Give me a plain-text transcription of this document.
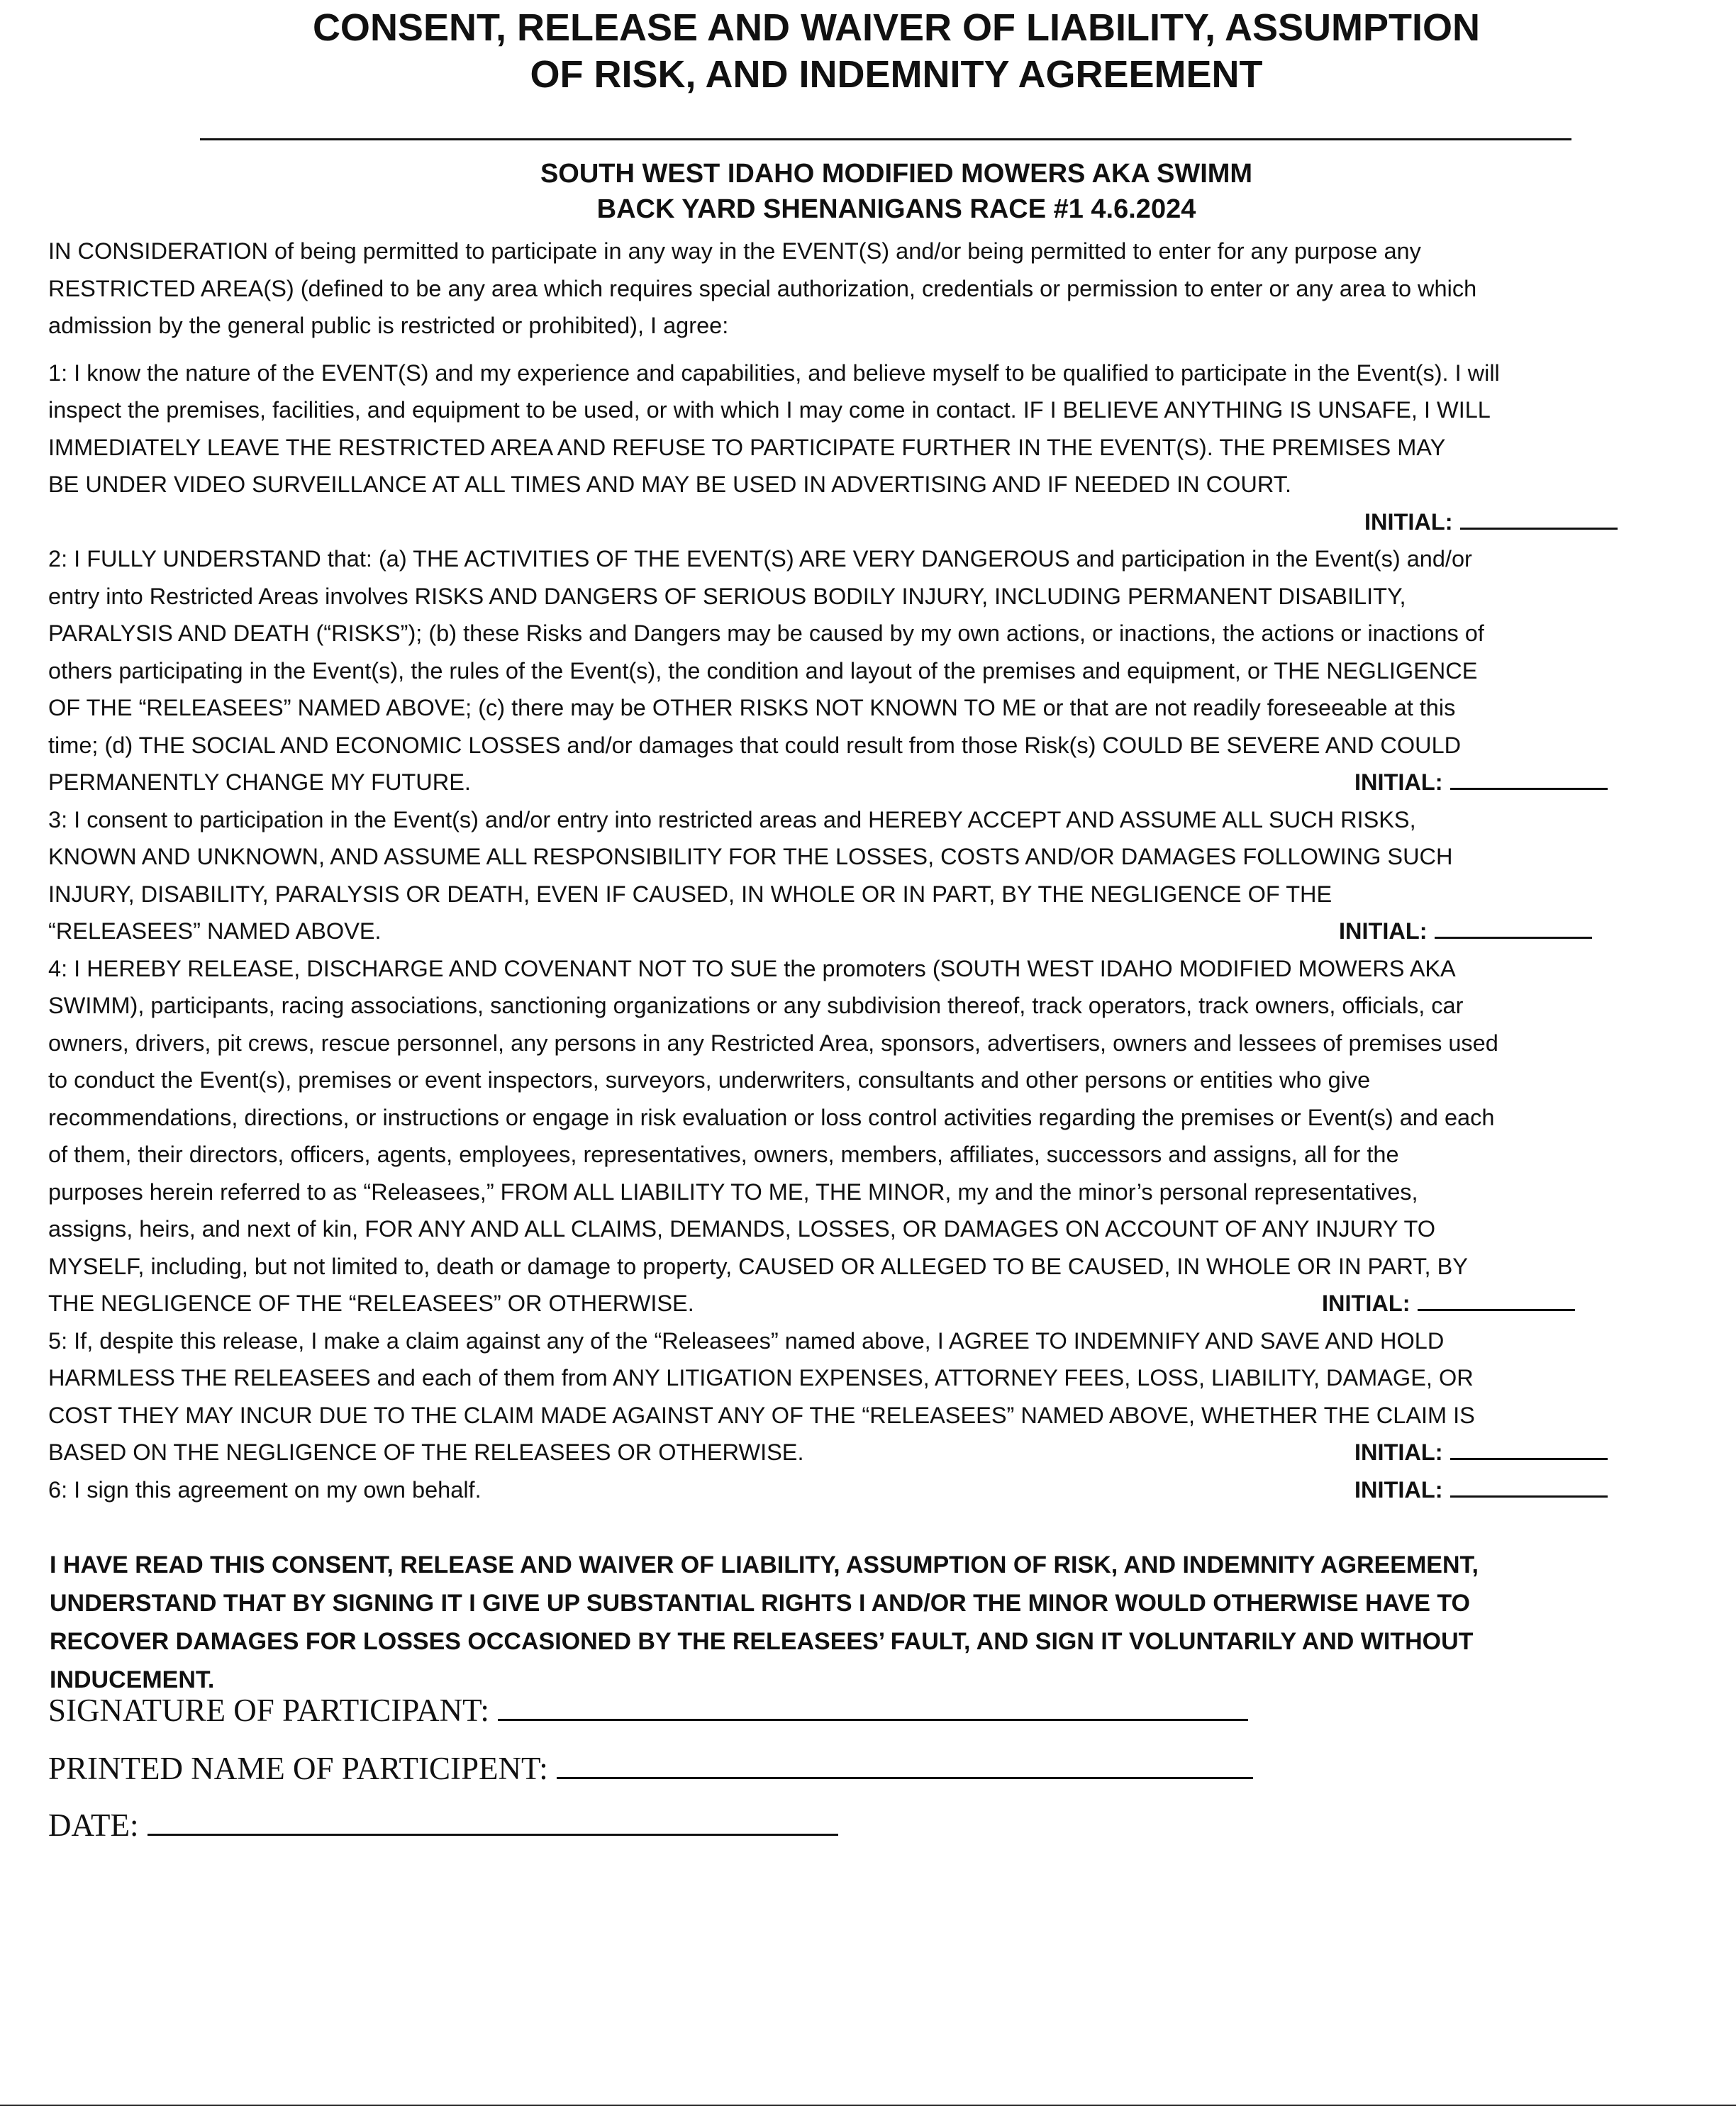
CONSENT, RELEASE AND WAIVER OF LIABILITY, ASSUMPTION
OF RISK, AND INDEMNITY AGREEMENT
SOUTH WEST IDAHO MODIFIED MOWERS AKA SWIMM
BACK YARD SHENANIGANS RACE #1 4.6.2024
IN CONSIDERATION of being permitted to participate in any way in the EVENT(S) and/or being permitted to enter for any purpose any
RESTRICTED AREA(S) (defined to be any area which requires special authorization, credentials or permission to enter or any area to which
admission by the general public is restricted or prohibited), I agree:
1: I know the nature of the EVENT(S) and my experience and capabilities, and believe myself to be qualified to participate in the Event(s). I will
inspect the premises, facilities, and equipment to be used, or with which I may come in contact. IF I BELIEVE ANYTHING IS UNSAFE, I WILL
IMMEDIATELY LEAVE THE RESTRICTED AREA AND REFUSE TO PARTICIPATE FURTHER IN THE EVENT(S). THE PREMISES MAY
BE UNDER VIDEO SURVEILLANCE AT ALL TIMES AND MAY BE USED IN ADVERTISING AND IF NEEDED IN COURT.
INITIAL:
2: I FULLY UNDERSTAND that: (a) THE ACTIVITIES OF THE EVENT(S) ARE VERY DANGEROUS and participation in the Event(s) and/or
entry into Restricted Areas involves RISKS AND DANGERS OF SERIOUS BODILY INJURY, INCLUDING PERMANENT DISABILITY,
PARALYSIS AND DEATH (“RISKS”); (b) these Risks and Dangers may be caused by my own actions, or inactions, the actions or inactions of
others participating in the Event(s), the rules of the Event(s), the condition and layout of the premises and equipment, or THE NEGLIGENCE
OF THE “RELEASEES” NAMED ABOVE; (c) there may be OTHER RISKS NOT KNOWN TO ME or that are not readily foreseeable at this
time; (d) THE SOCIAL AND ECONOMIC LOSSES and/or damages that could result from those Risk(s) COULD BE SEVERE AND COULD
PERMANENTLY CHANGE MY FUTURE.	INITIAL:
3: I consent to participation in the Event(s) and/or entry into restricted areas and HEREBY ACCEPT AND ASSUME ALL SUCH RISKS,
KNOWN AND UNKNOWN, AND ASSUME ALL RESPONSIBILITY FOR THE LOSSES, COSTS AND/OR DAMAGES FOLLOWING SUCH
INJURY, DISABILITY, PARALYSIS OR DEATH, EVEN IF CAUSED, IN WHOLE OR IN PART, BY THE NEGLIGENCE OF THE
“RELEASEES” NAMED ABOVE.	INITIAL:
4: I HEREBY RELEASE, DISCHARGE AND COVENANT NOT TO SUE the promoters (SOUTH WEST IDAHO MODIFIED MOWERS AKA
SWIMM), participants, racing associations, sanctioning organizations or any subdivision thereof, track operators, track owners, officials, car
owners, drivers, pit crews, rescue personnel, any persons in any Restricted Area, sponsors, advertisers, owners and lessees of premises used
to conduct the Event(s), premises or event inspectors, surveyors, underwriters, consultants and other persons or entities who give
recommendations, directions, or instructions or engage in risk evaluation or loss control activities regarding the premises or Event(s) and each
of them, their directors, officers, agents, employees, representatives, owners, members, affiliates, successors and assigns, all for the
purposes herein referred to as “Releasees,” FROM ALL LIABILITY TO ME, THE MINOR, my and the minor’s personal representatives,
assigns, heirs, and next of kin, FOR ANY AND ALL CLAIMS, DEMANDS, LOSSES, OR DAMAGES ON ACCOUNT OF ANY INJURY TO
MYSELF, including, but not limited to, death or damage to property, CAUSED OR ALLEGED TO BE CAUSED, IN WHOLE OR IN PART, BY
THE NEGLIGENCE OF THE “RELEASEES” OR OTHERWISE.	INITIAL:
5: If, despite this release, I make a claim against any of the “Releasees” named above, I AGREE TO INDEMNIFY AND SAVE AND HOLD
HARMLESS THE RELEASEES and each of them from ANY LITIGATION EXPENSES, ATTORNEY FEES, LOSS, LIABILITY, DAMAGE, OR
COST THEY MAY INCUR DUE TO THE CLAIM MADE AGAINST ANY OF THE “RELEASEES” NAMED ABOVE, WHETHER THE CLAIM IS
BASED ON THE NEGLIGENCE OF THE RELEASEES OR OTHERWISE.	INITIAL:
6: I sign this agreement on my own behalf.	INITIAL:
I HAVE READ THIS CONSENT, RELEASE AND WAIVER OF LIABILITY, ASSUMPTION OF RISK, AND INDEMNITY AGREEMENT,
UNDERSTAND THAT BY SIGNING IT I GIVE UP SUBSTANTIAL RIGHTS I AND/OR THE MINOR WOULD OTHERWISE HAVE TO
RECOVER DAMAGES FOR LOSSES OCCASIONED BY THE RELEASEES’ FAULT, AND SIGN IT VOLUNTARILY AND WITHOUT
INDUCEMENT.
SIGNATURE OF PARTICIPANT:
PRINTED NAME OF PARTICIPENT:
DATE:
